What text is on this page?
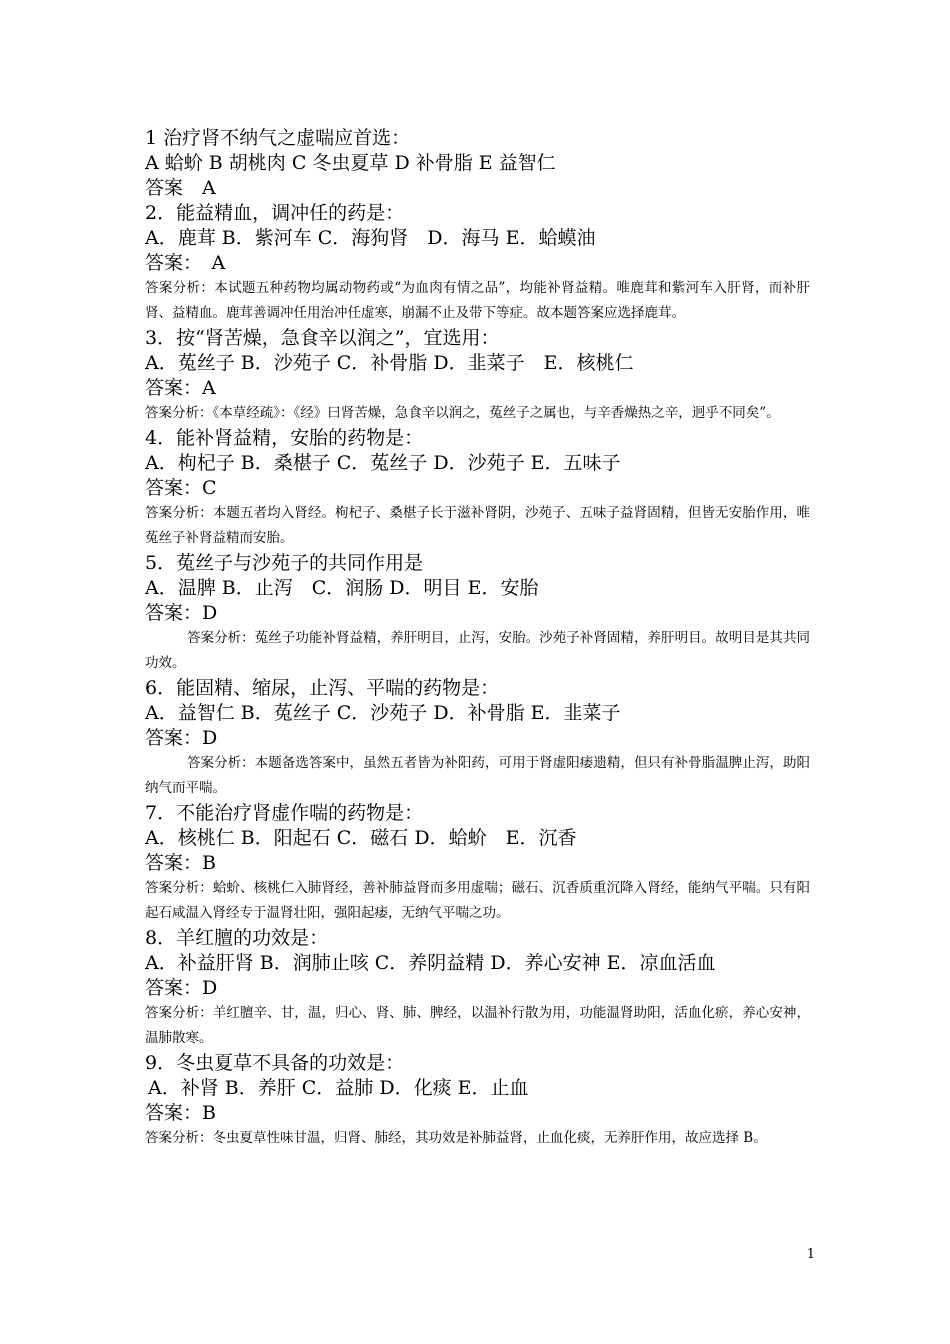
1 治疗肾不纳气之虚喘应首选：
A 蛤蚧 B 胡桃肉 C 冬虫夏草 D 补骨脂 E 益智仁
答案　A
2．能益精血，调冲任的药是：
A．鹿茸 B．紫河车 C．海狗肾　D．海马 E．蛤蟆油
答案：　A

答案分析：本试题五种药物均属动物药或“为血肉有情之品”，均能补肾益精。唯鹿茸和紫河车入肝肾，而补肝肾、益精血。鹿茸善调冲任用治冲任虚寒，崩漏不止及带下等症。故本题答案应选择鹿茸。

3．按“肾苦燥，急食辛以润之”，宜选用：
A．菟丝子 B．沙苑子 C．补骨脂 D．韭菜子　E．核桃仁
答案：A

答案分析：《本草经疏》：《经》曰肾苦燥，急食辛以润之，菟丝子之属也，与辛香燥热之辛，迥乎不同矣”。

4．能补肾益精，安胎的药物是：
A．枸杞子 B．桑椹子 C．菟丝子 D．沙苑子 E．五味子
答案：C

答案分析：本题五者均入肾经。枸杞子、桑椹子长于滋补肾阴，沙苑子、五味子益肾固精，但皆无安胎作用，唯菟丝子补肾益精而安胎。

5．菟丝子与沙苑子的共同作用是
A．温脾 B．止泻　C．润肠 D．明目 E．安胎
答案：D

答案分析：菟丝子功能补肾益精，养肝明目，止泻，安胎。沙苑子补肾固精，养肝明目。故明目是其共同功效。

6．能固精、缩尿，止泻、平喘的药物是：
A．益智仁 B．菟丝子 C．沙苑子 D．补骨脂 E．韭菜子
答案：D

答案分析：本题备选答案中，虽然五者皆为补阳药，可用于肾虚阳痿遗精，但只有补骨脂温脾止泻，助阳纳气而平喘。

7．不能治疗肾虚作喘的药物是：
A．核桃仁 B．阳起石 C．磁石 D．蛤蚧　E．沉香
答案：B

答案分析：蛤蚧、核桃仁入肺肾经，善补肺益肾而多用虚喘；磁石、沉香质重沉降入肾经，能纳气平喘。只有阳起石咸温入肾经专于温肾壮阳，强阳起痿，无纳气平喘之功。

8．羊红膻的功效是：
A．补益肝肾 B．润肺止咳 C．养阴益精 D．养心安神 E．凉血活血
答案：D

答案分析：羊红膻辛、甘，温，归心、肾、肺、脾经，以温补行散为用，功能温肾助阳，活血化瘀，养心安神，温肺散寒。

9．冬虫夏草不具备的功效是：
A．补肾 B．养肝 C．益肺 D．化痰 E．止血
答案：B

答案分析：冬虫夏草性味甘温，归肾、肺经，其功效是补肺益肾，止血化痰，无养肝作用，故应选择 B。

1
